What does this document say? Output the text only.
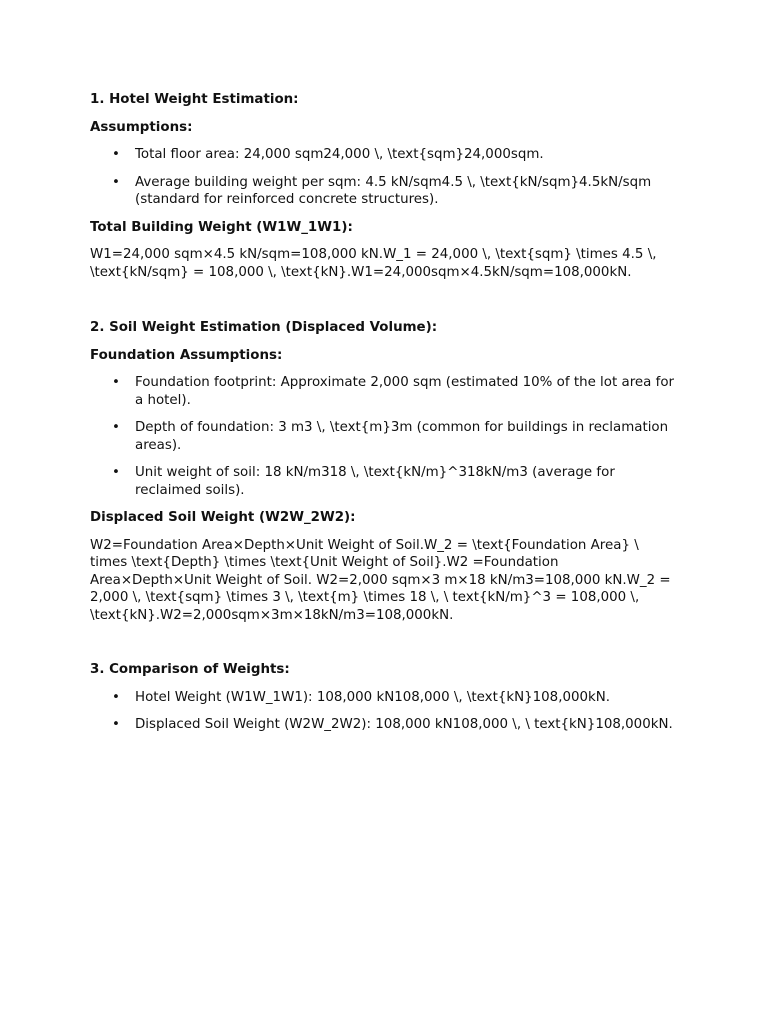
1. Hotel Weight Estimation:
Assumptions:
• Total floor area: 24,000 sqm24,000 \, \text{sqm}24,000sqm.
• Average building weight per sqm: 4.5 kN/sqm4.5 \, \text{kN/sqm}4.5kN/sqm (standard for reinforced concrete structures).
Total Building Weight (W1W_1W1):
W1=24,000 sqm×4.5 kN/sqm=108,000 kN.W_1 = 24,000 \, \text{sqm} \times 4.5 \, \text{kN/sqm} = 108,000 \, \text{kN}.W1=24,000sqm×4.5kN/sqm=108,000kN.
2. Soil Weight Estimation (Displaced Volume):
Foundation Assumptions:
• Foundation footprint: Approximate 2,000 sqm (estimated 10% of the lot area for a hotel).
• Depth of foundation: 3 m3 \, \text{m}3m (common for buildings in reclamation areas).
• Unit weight of soil: 18 kN/m318 \, \text{kN/m}^318kN/m3 (average for reclaimed soils).
Displaced Soil Weight (W2W_2W2):
W2=Foundation Area×Depth×Unit Weight of Soil.W_2 = \text{Foundation Area} \ times \text{Depth} \times \text{Unit Weight of Soil}.W2 =Foundation Area×Depth×Unit Weight of Soil. W2=2,000 sqm×3 m×18 kN/m3=108,000 kN.W_2 = 2,000 \, \text{sqm} \times 3 \, \text{m} \times 18 \, \ text{kN/m}^3 = 108,000 \, \text{kN}.W2=2,000sqm×3m×18kN/m3=108,000kN.
3. Comparison of Weights:
• Hotel Weight (W1W_1W1): 108,000 kN108,000 \, \text{kN}108,000kN.
• Displaced Soil Weight (W2W_2W2): 108,000 kN108,000 \, \ text{kN}108,000kN.
